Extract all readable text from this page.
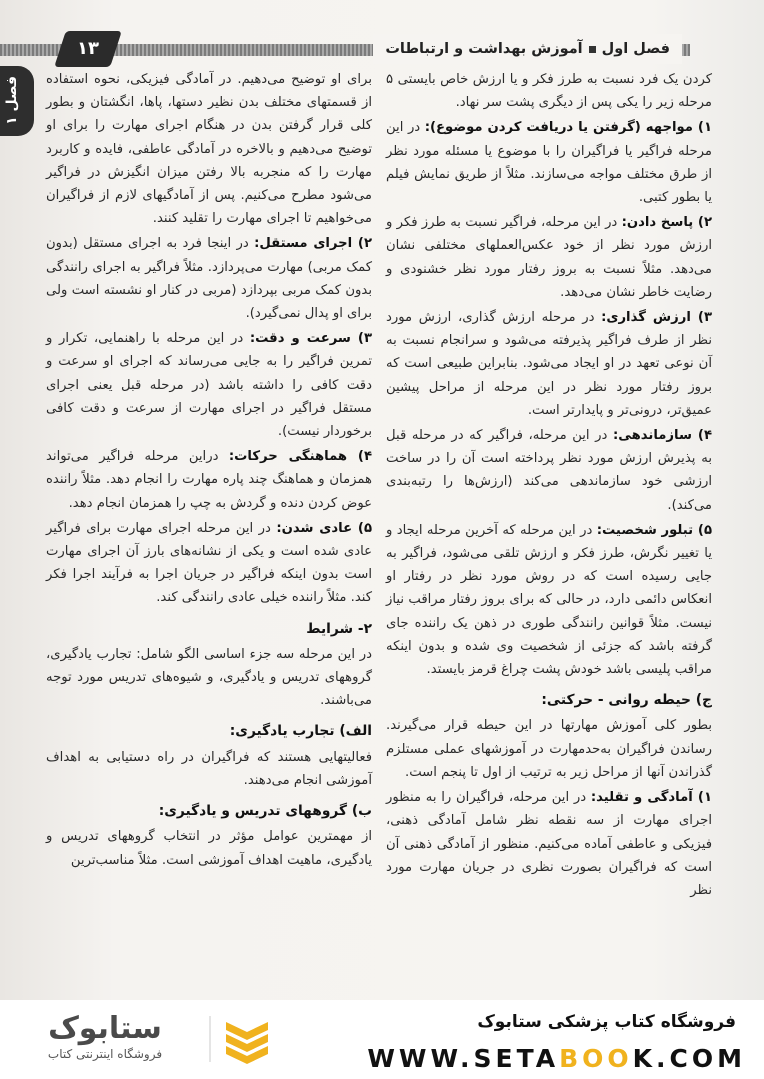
فصل اولآموزش بهداشت و ارتباطات
١٣
فصل ۱	کردن یک فرد نسبت به طرز فکر و یا ارزش خاص بایستی ۵ مرحله زیر را یکی پس از دیگری پشت سر نهاد.

۱) مواجهه (گرفتن یا دریافت کردن موضوع): در این مرحله فراگیر یا فراگیران را با موضوع یا مسئله مورد نظر از طرق مختلف مواجه می‌سازند. مثلاً از طریق نمایش فیلم یا بطور کتبی.

۲) پاسخ دادن: در این مرحله، فراگیر نسبت به طرز فکر و ارزش مورد نظر از خود عکس‌العملهای مختلفی نشان می‌دهد. مثلاً نسبت به بروز رفتار مورد نظر خشنودی و رضایت خاطر نشان می‌دهد.

۳) ارزش گذاری: در مرحله ارزش گذاری، ارزش مورد نظر از طرف فراگیر پذیرفته می‌شود و سرانجام نسبت به آن نوعی تعهد در او ایجاد می‌شود. بنابراین طبیعی است که بروز رفتار مورد نظر در این مرحله از مراحل پیشین عمیق‌تر، درونی‌تر و پایدارتر است.

۴) سازماندهی: در این مرحله، فراگیر که در مرحله قبل به پذیرش ارزش مورد نظر پرداخته است آن را در ساخت ارزشی خود سازماندهی می‌کند (ارزش‌ها را رتبه‌بندی می‌کند).

۵) تبلور شخصیت: در این مرحله که آخرین مرحله ایجاد و یا تغییر نگرش، طرز فکر و ارزش تلقی می‌شود، فراگیر به جایی رسیده است که در روش مورد نظر در رفتار او انعکاس دائمی دارد، در حالی که برای بروز رفتار مراقب نیاز نیست. مثلاً قوانین رانندگی طوری در ذهن یک راننده جای گرفته باشد که جزئی از شخصیت وی شده و بدون اینکه مراقب پلیسی باشد خودش پشت چراغ قرمز بایستد.

ج) حیطه روانی - حرکتی:

بطور کلی آموزش مهارتها در این حیطه قرار می‌گیرند. رساندن فراگیران به‌حدمهارت در آموزشهای عملی مستلزم گذراندن آنها از مراحل زیر به ترتیب از اول تا پنجم است.

۱) آمادگی و تقلید: در این مرحله، فراگیران را به منظور اجرای مهارت از سه نقطه نظر شامل آمادگی ذهنی، فیزیکی و عاطفی آماده می‌کنیم. منظور از آمادگی ذهنی آن است که فراگیران بصورت نظری در جریان مهارت مورد نظر

برای او توضیح می‌دهیم. در آمادگی فیزیکی، نحوه استفاده از قسمتهای مختلف بدن نظیر دستها، پاها، انگشتان و بطور کلی قرار گرفتن بدن در هنگام اجرای مهارت را برای او توضیح می‌دهیم و بالاخره در آمادگی عاطفی، فایده و کاربرد مهارت را که منجربه بالا رفتن میزان انگیزش در فراگیر می‌شود مطرح می‌کنیم. پس از آمادگیهای لازم از فراگیران می‌خواهیم تا اجرای مهارت را تقلید کنند.

۲) اجرای مستقل: در اینجا فرد به اجرای مستقل (بدون کمک مربی) مهارت می‌پردازد. مثلاً فراگیر به اجرای رانندگی بدون کمک مربی بپردازد (مربی در کنار او نشسته است ولی برای او پدال نمی‌گیرد).

۳) سرعت و دقت: در این مرحله با راهنمایی، تکرار و تمرین فراگیر را به جایی می‌رساند که اجرای او سرعت و دقت کافی را داشته باشد (در مرحله قبل یعنی اجرای مستقل فراگیر در اجرای مهارت از سرعت و دقت کافی برخوردار نیست).

۴) هماهنگی حرکات: دراین مرحله فراگیر می‌تواند همزمان و هماهنگ چند پاره مهارت را انجام دهد. مثلاً راننده عوض کردن دنده و گردش به چپ را همزمان انجام دهد.

۵) عادی شدن: در این مرحله اجرای مهارت برای فراگیر عادی شده است و یکی از نشانه‌های بارز آن اجرای مهارت است بدون اینکه فراگیر در جریان اجرا به فرآیند اجرا فکر کند. مثلاً راننده خیلی عادی رانندگی کند.

۲- شرایط

در این مرحله سه جزء اساسی الگو شامل: تجارب یادگیری، گروههای تدریس و یادگیری، و شیوه‌های تدریس مورد توجه می‌باشند.

الف) تجارب یادگیری:

فعالیتهایی هستند که فراگیران در راه دستیابی به اهداف آموزشی انجام می‌دهند.

ب) گروههای تدریس و یادگیری:

از مهمترین عوامل مؤثر در انتخاب گروههای تدریس و یادگیری، ماهیت اهداف آموزشی است. مثلاً مناسب‌ترین

فروشگاه کتاب پزشکی ستابوک
WWW.SETABOOK.COM
ستابوک
فروشگاه اینترنتی کتاب
